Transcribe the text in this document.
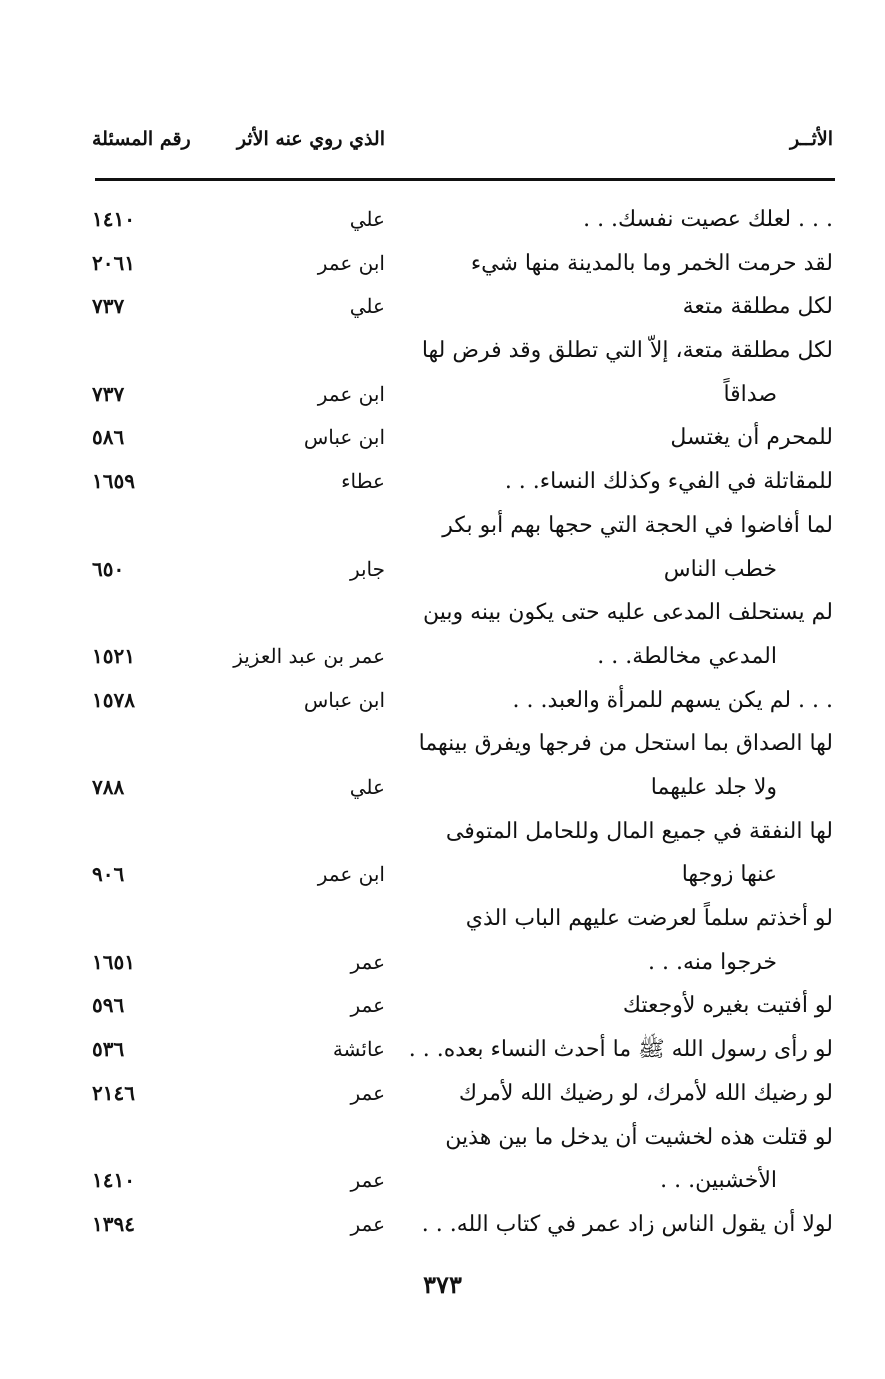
الأثــر
الذي روي عنه الأثر
رقم المسئلة
. . . لعلك عصيت نفسك. . .
علي
١٤١٠
لقد حرمت الخمر وما بالمدينة منها شيء
ابن عمر
٢٠٦١
لكل مطلقة متعة
علي
٧٣٧
لكل مطلقة متعة، إلاّ التي تطلق وقد فرض لها
صداقاً
ابن عمر
٧٣٧
للمحرم أن يغتسل
ابن عباس
٥٨٦
للمقاتلة في الفيء وكذلك النساء. . .
عطاء
١٦٥٩
لما أفاضوا في الحجة التي حجها بهم أبو بكر
خطب الناس
جابر
٦٥٠
لم يستحلف المدعى عليه حتى يكون بينه وبين
المدعي مخالطة. . .
عمر بن عبد العزيز
١٥٢١
. . . لم يكن يسهم للمرأة والعبد. . .
ابن عباس
١٥٧٨
لها الصداق بما استحل من فرجها ويفرق بينهما
ولا جلد عليهما
علي
٧٨٨
لها النفقة في جميع المال وللحامل المتوفى
عنها زوجها
ابن عمر
٩٠٦
لو أخذتم سلماً لعرضت عليهم الباب الذي
خرجوا منه. . .
عمر
١٦٥١
لو أفتيت بغيره لأوجعتك
عمر
٥٩٦
لو رأى رسول الله ﷺ ما أحدث النساء بعده. . .
عائشة
٥٣٦
لو رضيك الله لأمرك، لو رضيك الله لأمرك
عمر
٢١٤٦
لو قتلت هذه لخشيت أن يدخل ما بين هذين
الأخشبين. . .
عمر
١٤١٠
لولا أن يقول الناس زاد عمر في كتاب الله. . .
عمر
١٣٩٤
٣٧٣
